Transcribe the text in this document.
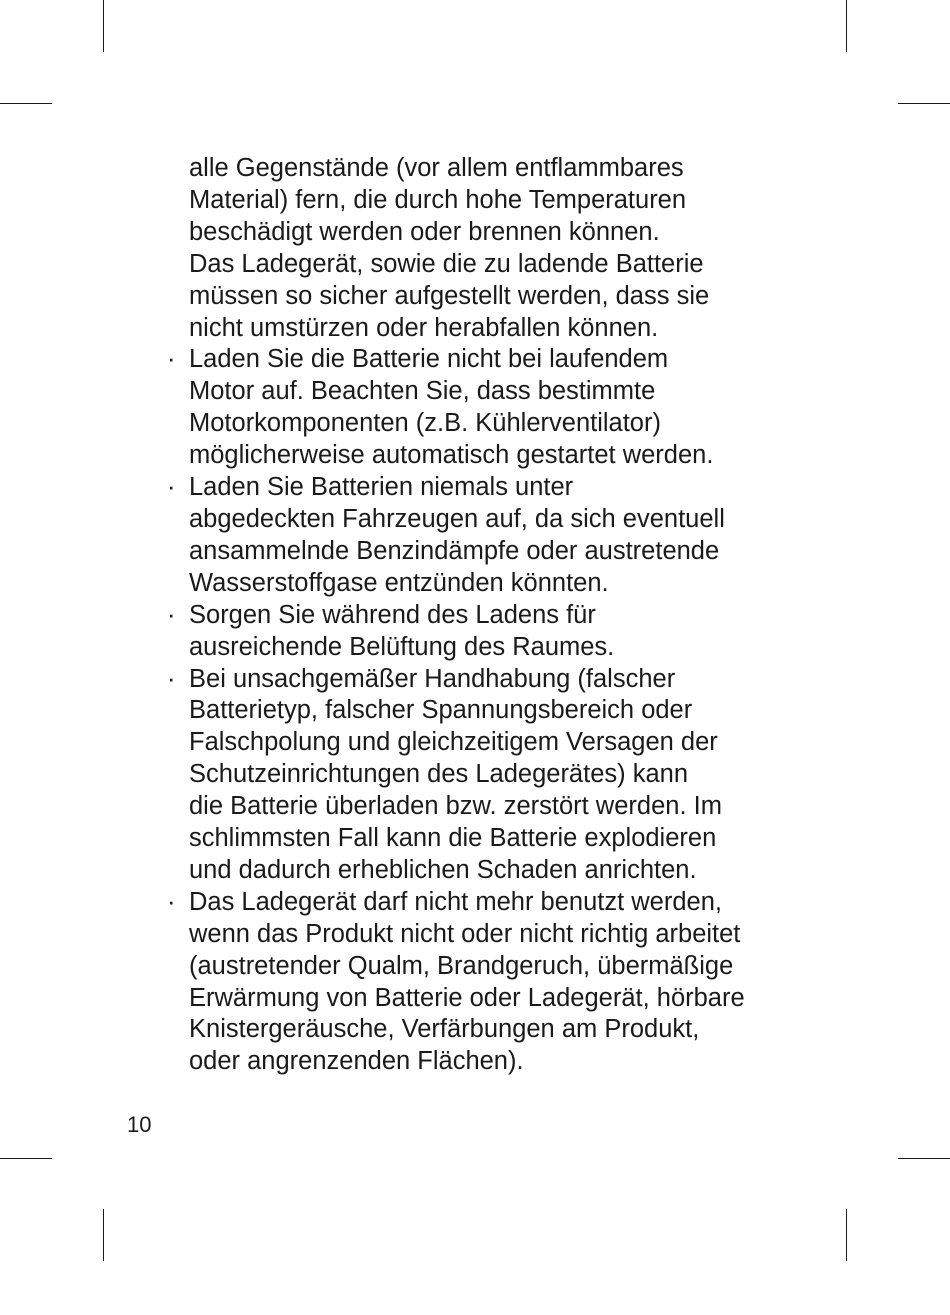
alle Gegenstände (vor allem entflammbares
Material) fern, die durch hohe Temperaturen
beschädigt werden oder brennen können.
Das Ladegerät, sowie die zu ladende Batterie
müssen so sicher aufgestellt werden, dass sie
nicht umstürzen oder herabfallen können.
· Laden Sie die Batterie nicht bei laufendem
Motor auf. Beachten Sie, dass bestimmte
Motorkomponenten (z.B. Kühlerventilator)
möglicherweise automatisch gestartet werden.
· Laden Sie Batterien niemals unter
abgedeckten Fahrzeugen auf, da sich eventuell
ansammelnde Benzindämpfe oder austretende
Wasserstoffgase entzünden könnten.
· Sorgen Sie während des Ladens für
ausreichende Belüftung des Raumes.
· Bei unsachgemäßer Handhabung (falscher
Batterietyp, falscher Spannungsbereich oder
Falschpolung und gleichzeitigem Versagen der
Schutzeinrichtungen des Ladegerätes) kann
die Batterie überladen bzw. zerstört werden. Im
schlimmsten Fall kann die Batterie explodieren
und dadurch erheblichen Schaden anrichten.
· Das Ladegerät darf nicht mehr benutzt werden,
wenn das Produkt nicht oder nicht richtig arbeitet
(austretender Qualm, Brandgeruch, übermäßige
Erwärmung von Batterie oder Ladegerät, hörbare
Knistergeräusche, Verfärbungen am Produkt,
oder angrenzenden Flächen).
10
